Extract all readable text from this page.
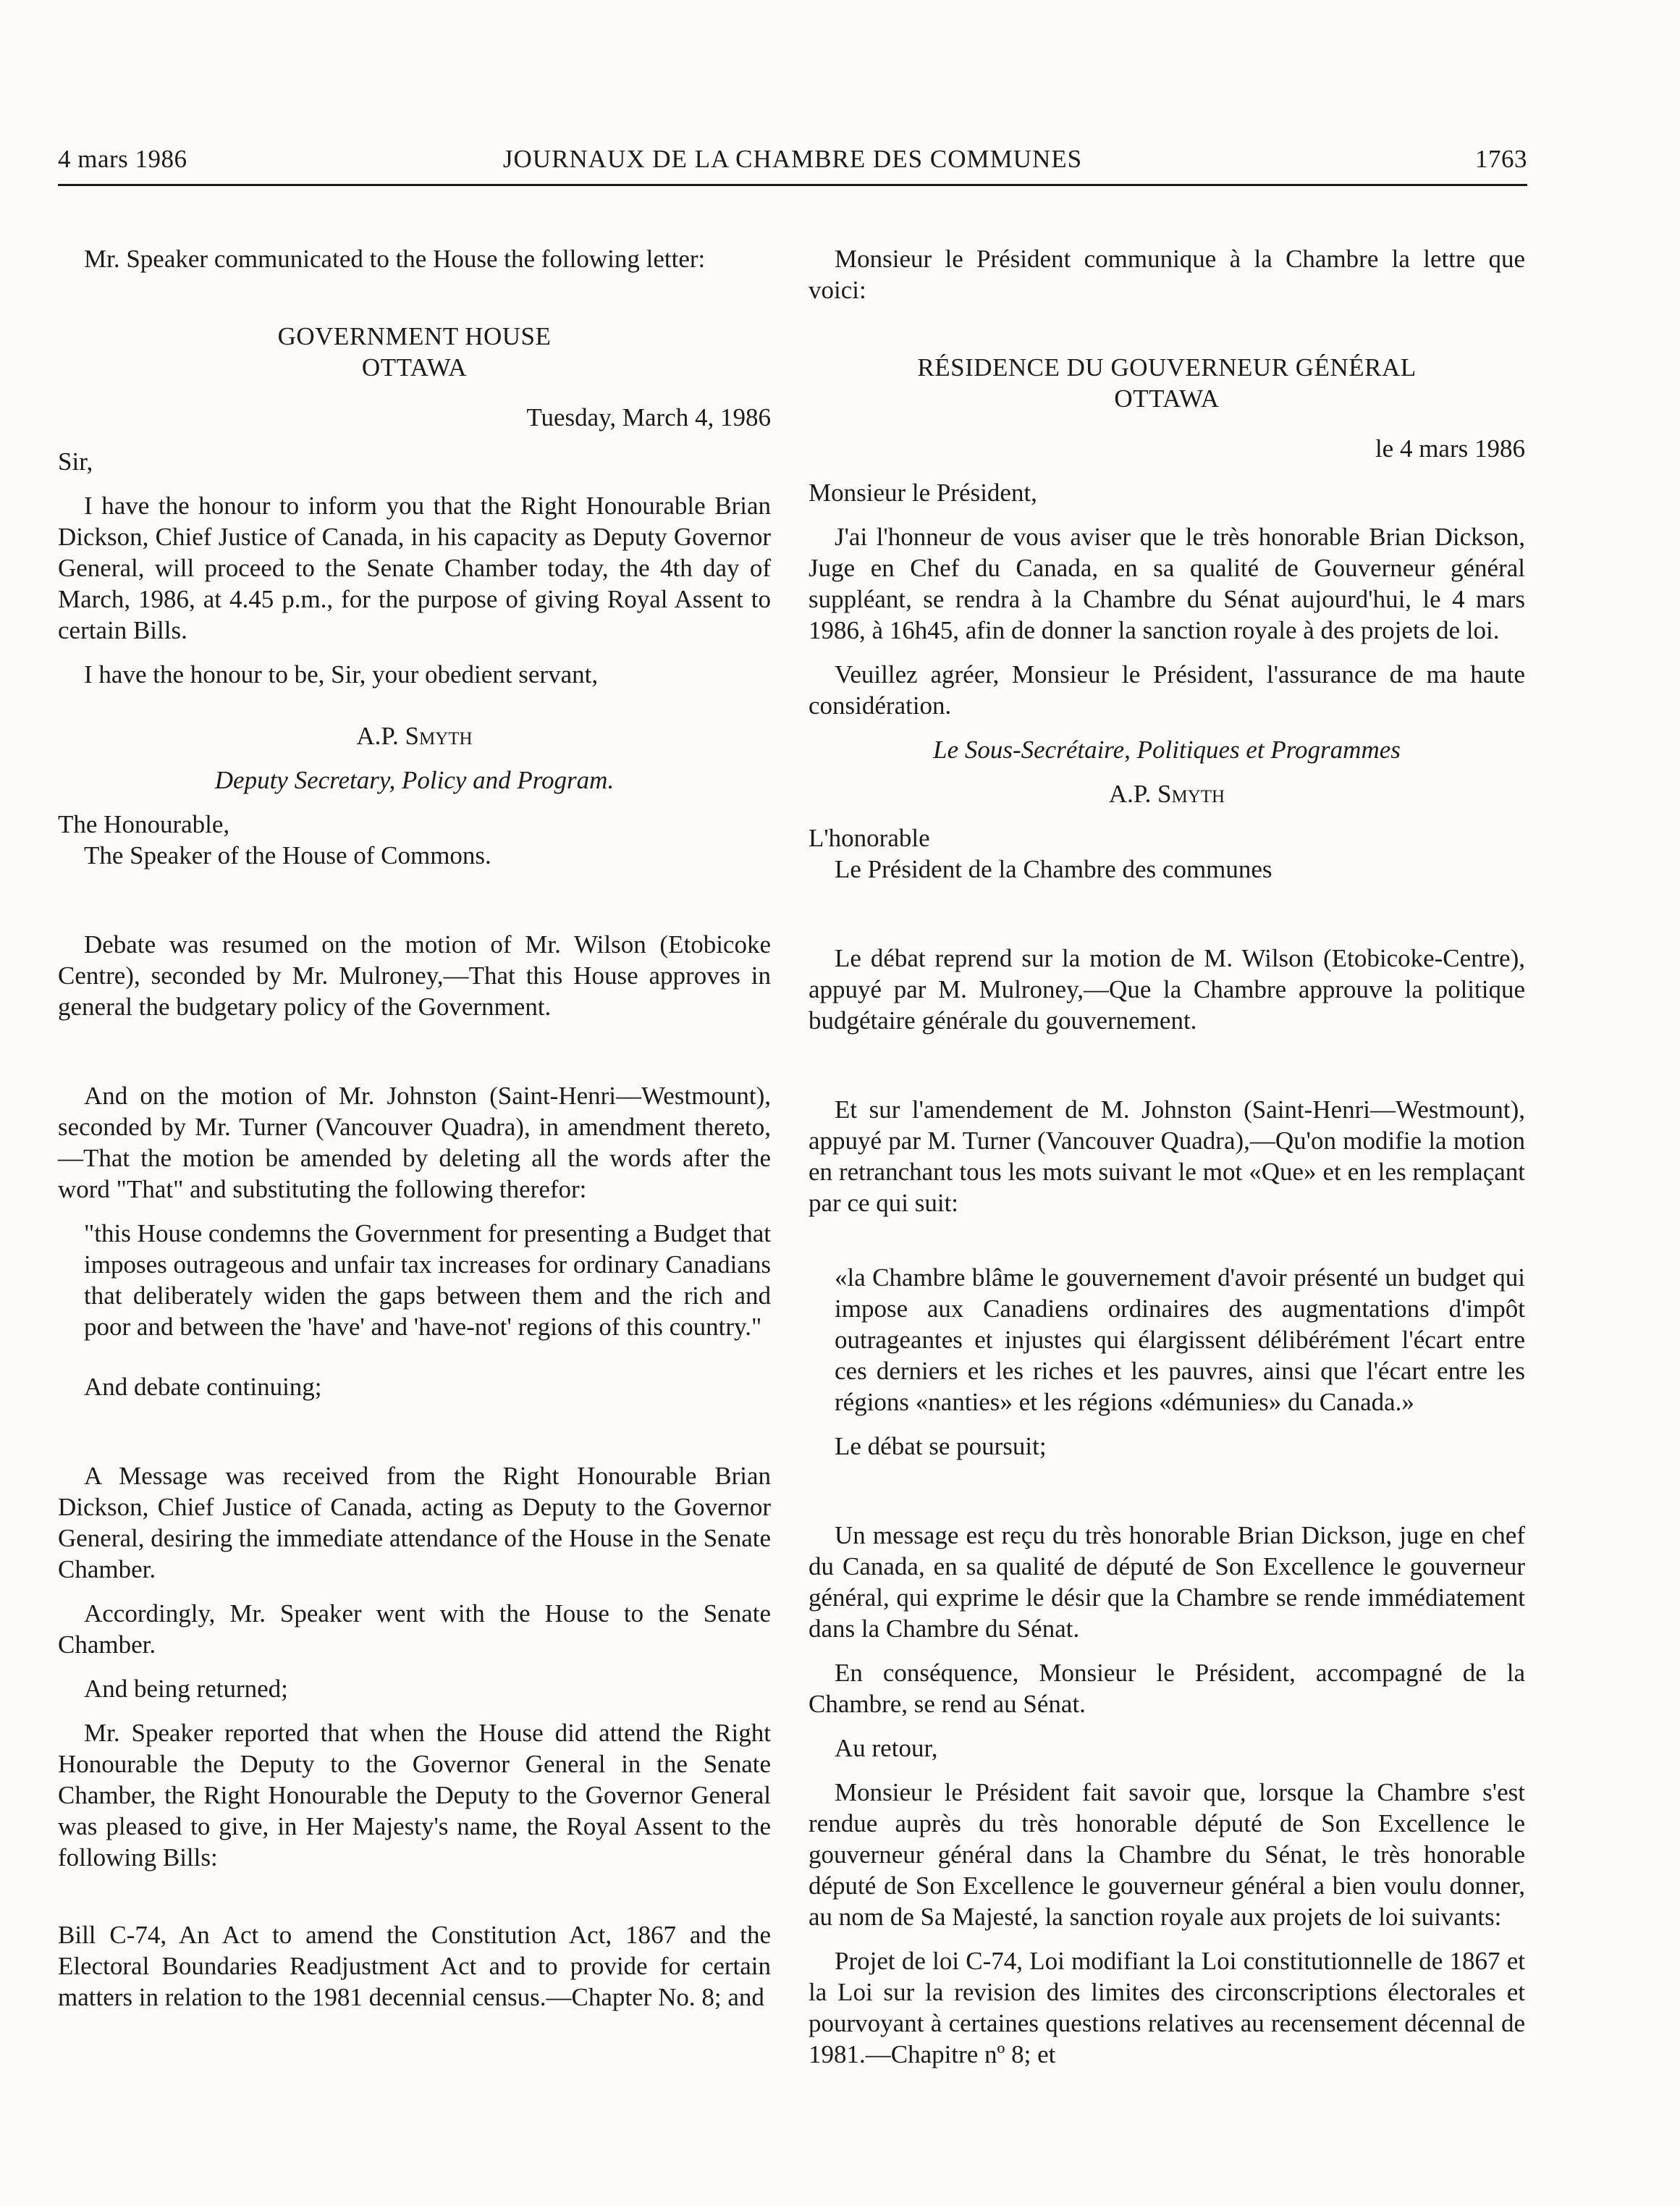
4 mars 1986	JOURNAUX DE LA CHAMBRE DES COMMUNES	1763

Mr. Speaker communicated to the House the following letter:

GOVERNMENT HOUSE

OTTAWA

Tuesday, March 4, 1986

Sir,

I have the honour to inform you that the Right Honourable Brian Dickson, Chief Justice of Canada, in his capacity as Deputy Governor General, will proceed to the Senate Chamber today, the 4th day of March, 1986, at 4.45 p.m., for the purpose of giving Royal Assent to certain Bills.

I have the honour to be, Sir, your obedient servant,

A.P. Smyth

Deputy Secretary, Policy and Program.

The Honourable,

The Speaker of the House of Commons.

Debate was resumed on the motion of Mr. Wilson (Etobicoke Centre), seconded by Mr. Mulroney,—That this House approves in general the budgetary policy of the Government.

And on the motion of Mr. Johnston (Saint-Henri—Westmount), seconded by Mr. Turner (Vancouver Quadra), in amendment thereto,—That the motion be amended by deleting all the words after the word "That" and substituting the following therefor:

"this House condemns the Government for presenting a Budget that imposes outrageous and unfair tax increases for ordinary Canadians that deliberately widen the gaps between them and the rich and poor and between the 'have' and 'have-not' regions of this country."

And debate continuing;

A Message was received from the Right Honourable Brian Dickson, Chief Justice of Canada, acting as Deputy to the Governor General, desiring the immediate attendance of the House in the Senate Chamber.

Accordingly, Mr. Speaker went with the House to the Senate Chamber.

And being returned;

Mr. Speaker reported that when the House did attend the Right Honourable the Deputy to the Governor General in the Senate Chamber, the Right Honourable the Deputy to the Governor General was pleased to give, in Her Majesty's name, the Royal Assent to the following Bills:

Bill C-74, An Act to amend the Constitution Act, 1867 and the Electoral Boundaries Readjustment Act and to provide for certain matters in relation to the 1981 decennial census.—Chapter No. 8; and

Monsieur le Président communique à la Chambre la lettre que voici:

RÉSIDENCE DU GOUVERNEUR GÉNÉRAL

OTTAWA

le 4 mars 1986

Monsieur le Président,

J'ai l'honneur de vous aviser que le très honorable Brian Dickson, Juge en Chef du Canada, en sa qualité de Gouverneur général suppléant, se rendra à la Chambre du Sénat aujourd'hui, le 4 mars 1986, à 16h45, afin de donner la sanction royale à des projets de loi.

Veuillez agréer, Monsieur le Président, l'assurance de ma haute considération.

Le Sous-Secrétaire, Politiques et Programmes

A.P. Smyth

L'honorable

Le Président de la Chambre des communes

Le débat reprend sur la motion de M. Wilson (Etobicoke-Centre), appuyé par M. Mulroney,—Que la Chambre approuve la politique budgétaire générale du gouvernement.

Et sur l'amendement de M. Johnston (Saint-Henri—Westmount), appuyé par M. Turner (Vancouver Quadra),—Qu'on modifie la motion en retranchant tous les mots suivant le mot «Que» et en les remplaçant par ce qui suit:

«la Chambre blâme le gouvernement d'avoir présenté un budget qui impose aux Canadiens ordinaires des augmentations d'impôt outrageantes et injustes qui élargissent délibérément l'écart entre ces derniers et les riches et les pauvres, ainsi que l'écart entre les régions «nanties» et les régions «démunies» du Canada.»

Le débat se poursuit;

Un message est reçu du très honorable Brian Dickson, juge en chef du Canada, en sa qualité de député de Son Excellence le gouverneur général, qui exprime le désir que la Chambre se rende immédiatement dans la Chambre du Sénat.

En conséquence, Monsieur le Président, accompagné de la Chambre, se rend au Sénat.

Au retour,

Monsieur le Président fait savoir que, lorsque la Chambre s'est rendue auprès du très honorable député de Son Excellence le gouverneur général dans la Chambre du Sénat, le très honorable député de Son Excellence le gouverneur général a bien voulu donner, au nom de Sa Majesté, la sanction royale aux projets de loi suivants:

Projet de loi C-74, Loi modifiant la Loi constitutionnelle de 1867 et la Loi sur la revision des limites des circonscriptions électorales et pourvoyant à certaines questions relatives au recensement décennal de 1981.—Chapitre nº 8; et
